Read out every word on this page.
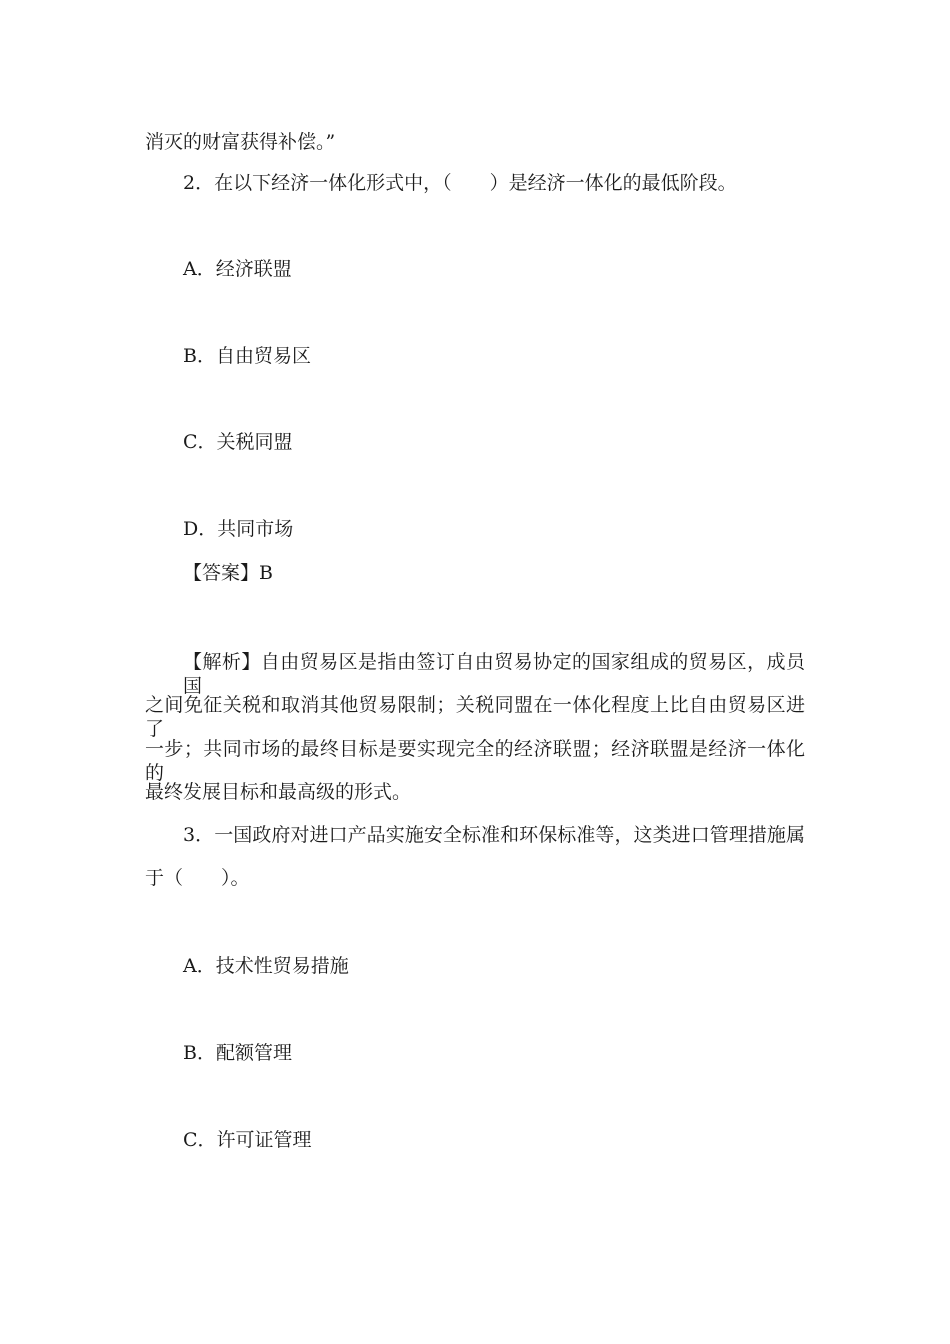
消灭的财富获得补偿。”
2．在以下经济一体化形式中，（　　）是经济一体化的最低阶段。
A．经济联盟
B．自由贸易区
C．关税同盟
D．共同市场
【答案】B
【解析】自由贸易区是指由签订自由贸易协定的国家组成的贸易区，成员国
之间免征关税和取消其他贸易限制；关税同盟在一体化程度上比自由贸易区进了
一步；共同市场的最终目标是要实现完全的经济联盟；经济联盟是经济一体化的
最终发展目标和最高级的形式。
3．一国政府对进口产品实施安全标准和环保标准等，这类进口管理措施属
于（　　）。
A．技术性贸易措施
B．配额管理
C．许可证管理
